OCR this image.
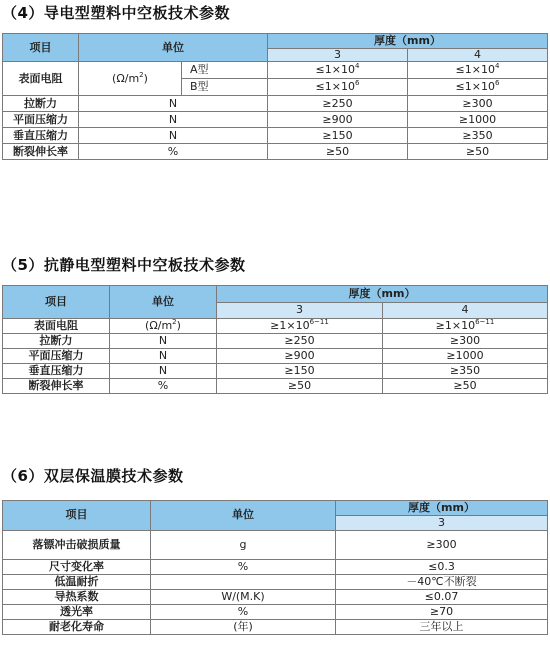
（4）导电型塑料中空板技术参数
项目	单位		厚度（mm）	
			3	4
表面电阻	$(\Omega/m^2)$	A型	$\le 1\times 10^4$	$\le 1\times 10^4$
		B型	$\le 1\times 10^6$	$\le 1\times 10^6$
拉断力	N		≥250	≥300
平面压缩力	N		≥900	≥1000
垂直压缩力	N		≥150	≥350
断裂伸长率	%		≥50	≥50
（5）抗静电型塑料中空板技术参数
项目	单位	厚度（mm）	
		3	4
表面电阻	$(\Omega/m^2)$	$\ge 1\times 10^{6\sim 11}$	$\ge 1\times 10^{6\sim 11}$
拉断力	N	≥250	≥300
平面压缩力	N	≥900	≥1000
垂直压缩力	N	≥150	≥350
断裂伸长率	%	≥50	≥50
（6）双层保温膜技术参数
项目	单位	厚度（mm）
		3
落镖冲击破损质量	g	≥300
尺寸变化率	%	≤0.3
低温耐折		－40℃不断裂
导热系数	W/(M.K)	≤0.07
透光率	%	≥70
耐老化寿命	(年)	三年以上
